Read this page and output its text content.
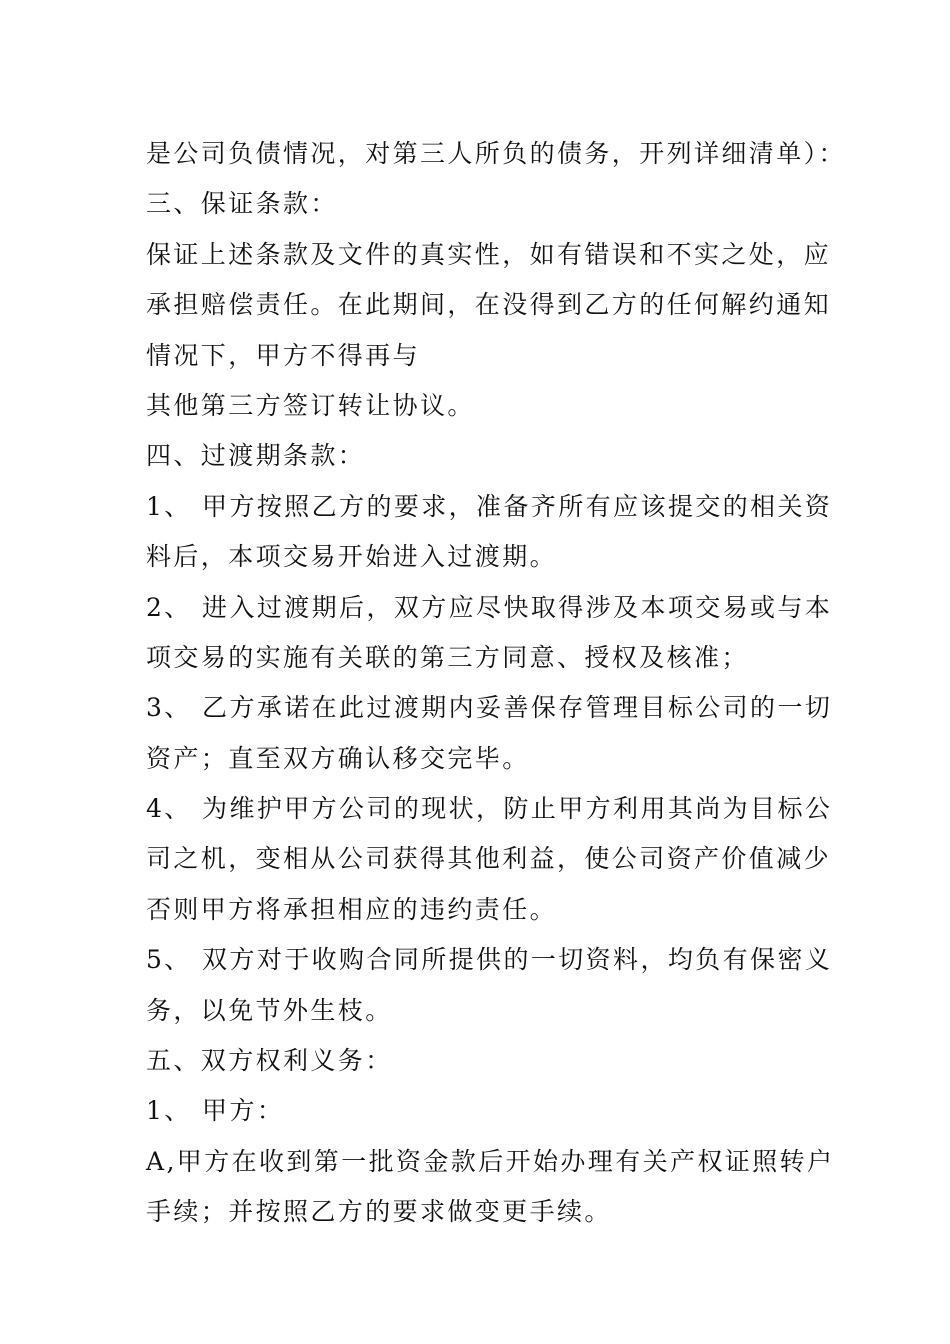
是公司负债情况，对第三人所负的债务，开列详细清单）：
三、保证条款：
保证上述条款及文件的真实性，如有错误和不实之处，应
承担赔偿责任。在此期间，在没得到乙方的任何解约通知
情况下，甲方不得再与
其他第三方签订转让协议。
四、过渡期条款：
1、 甲方按照乙方的要求，准备齐所有应该提交的相关资
料后，本项交易开始进入过渡期。
2、 进入过渡期后，双方应尽快取得涉及本项交易或与本
项交易的实施有关联的第三方同意、授权及核准；
3、 乙方承诺在此过渡期内妥善保存管理目标公司的一切
资产；直至双方确认移交完毕。
4、 为维护甲方公司的现状，防止甲方利用其尚为目标公
司之机，变相从公司获得其他利益，使公司资产价值减少
否则甲方将承担相应的违约责任。
5、 双方对于收购合同所提供的一切资料，均负有保密义
务，以免节外生枝。
五、双方权利义务：
1、 甲方：
A,甲方在收到第一批资金款后开始办理有关产权证照转户
手续；并按照乙方的要求做变更手续。
